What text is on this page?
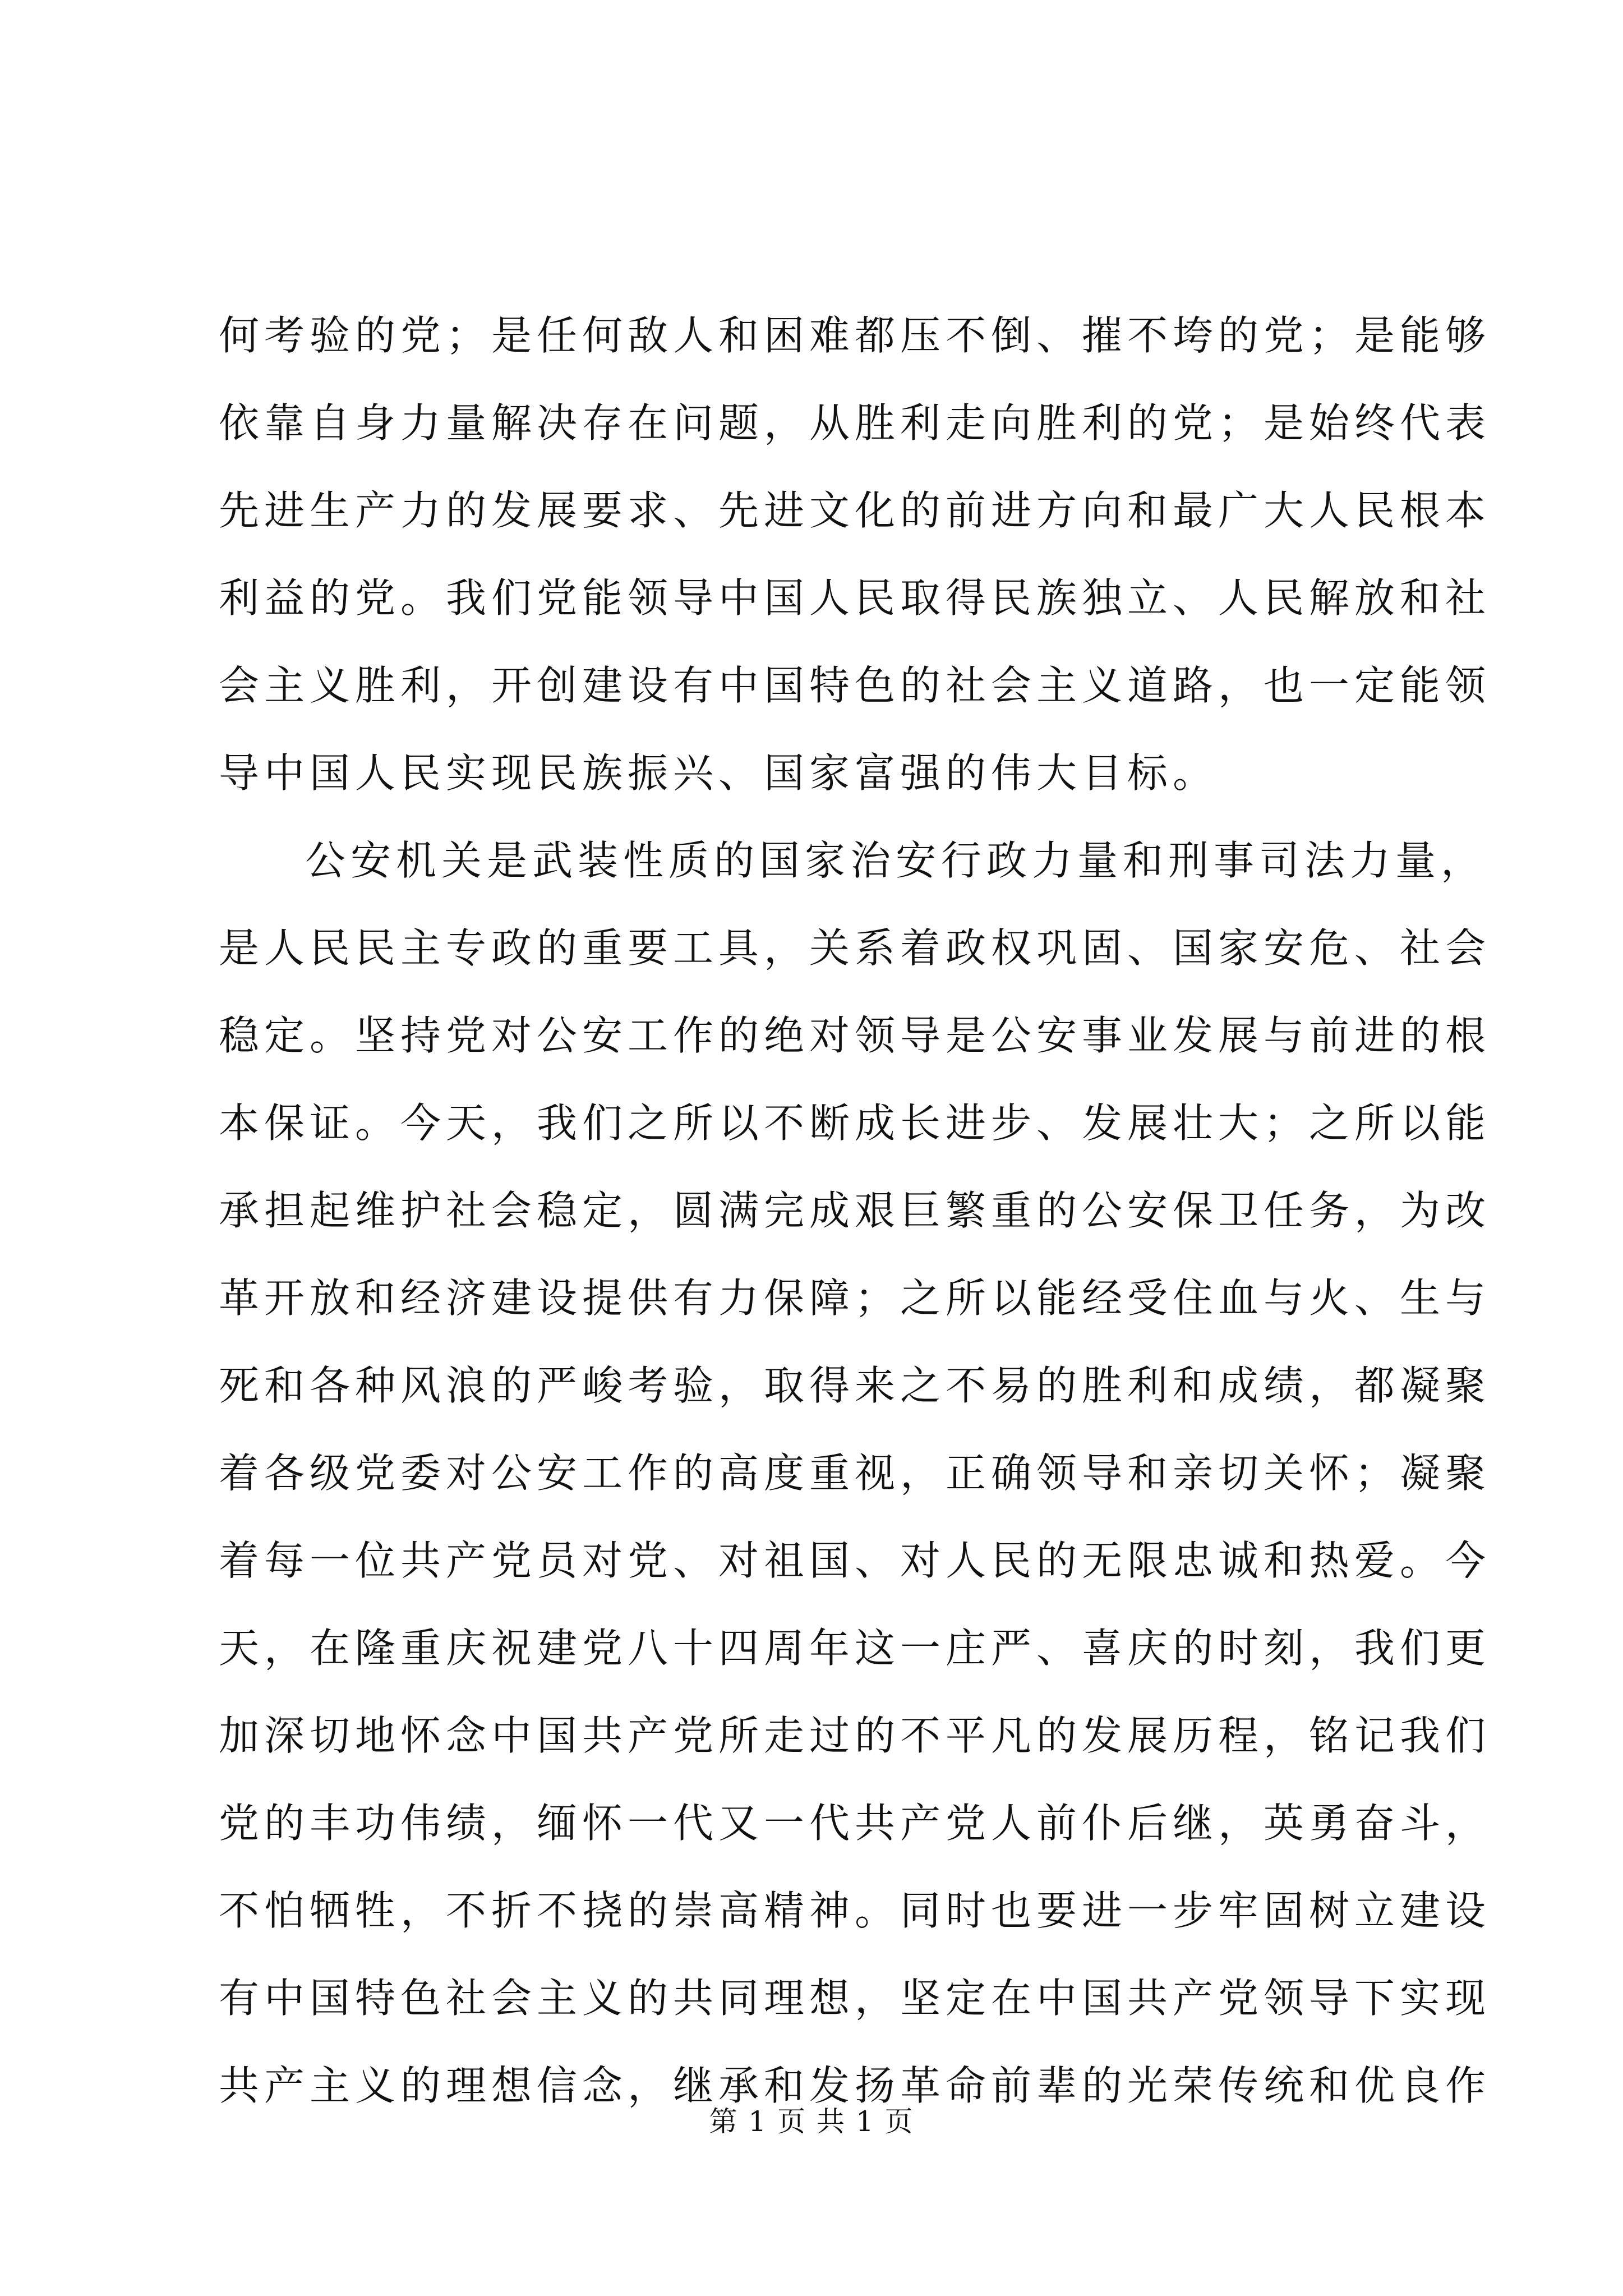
何考验的党；是任何敌人和困难都压不倒、摧不垮的党；是能够
依靠自身力量解决存在问题，从胜利走向胜利的党；是始终代表
先进生产力的发展要求、先进文化的前进方向和最广大人民根本
利益的党。我们党能领导中国人民取得民族独立、人民解放和社
会主义胜利，开创建设有中国特色的社会主义道路，也一定能领
导中国人民实现民族振兴、国家富强的伟大目标。
公安机关是武装性质的国家治安行政力量和刑事司法力量，
是人民民主专政的重要工具，关系着政权巩固、国家安危、社会
稳定。坚持党对公安工作的绝对领导是公安事业发展与前进的根
本保证。今天，我们之所以不断成长进步、发展壮大；之所以能
承担起维护社会稳定，圆满完成艰巨繁重的公安保卫任务，为改
革开放和经济建设提供有力保障；之所以能经受住血与火、生与
死和各种风浪的严峻考验，取得来之不易的胜利和成绩，都凝聚
着各级党委对公安工作的高度重视，正确领导和亲切关怀；凝聚
着每一位共产党员对党、对祖国、对人民的无限忠诚和热爱。今
天，在隆重庆祝建党八十四周年这一庄严、喜庆的时刻，我们更
加深切地怀念中国共产党所走过的不平凡的发展历程，铭记我们
党的丰功伟绩，缅怀一代又一代共产党人前仆后继，英勇奋斗，
不怕牺牲，不折不挠的崇高精神。同时也要进一步牢固树立建设
有中国特色社会主义的共同理想，坚定在中国共产党领导下实现
共产主义的理想信念，继承和发扬革命前辈的光荣传统和优良作
第 1 页 共 1 页
